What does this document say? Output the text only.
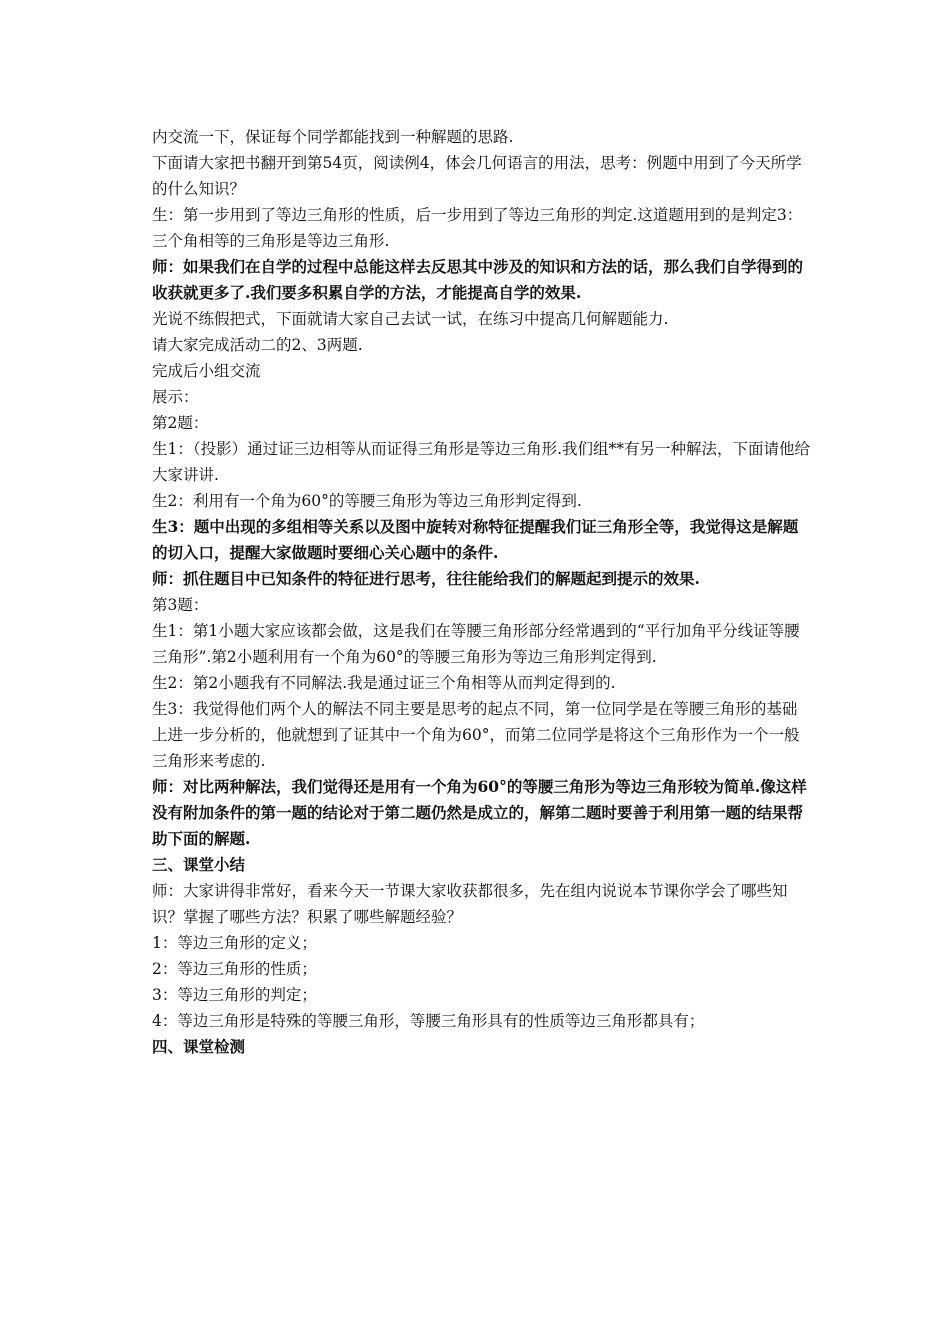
内交流一下，保证每个同学都能找到一种解题的思路.

下面请大家把书翻开到第54页，阅读例4，体会几何语言的用法，思考：例题中用到了今天所学的什么知识？

生：第一步用到了等边三角形的性质，后一步用到了等边三角形的判定.这道题用到的是判定3：三个角相等的三角形是等边三角形.

师：如果我们在自学的过程中总能这样去反思其中涉及的知识和方法的话，那么我们自学得到的收获就更多了.我们要多积累自学的方法，才能提高自学的效果.

光说不练假把式，下面就请大家自己去试一试，在练习中提高几何解题能力.

请大家完成活动二的2、3两题.

完成后小组交流

展示：

第2题：

生1：（投影）通过证三边相等从而证得三角形是等边三角形.我们组**有另一种解法，下面请他给大家讲讲.

生2：利用有一个角为60°的等腰三角形为等边三角形判定得到.

生3：题中出现的多组相等关系以及图中旋转对称特征提醒我们证三角形全等，我觉得这是解题的切入口，提醒大家做题时要细心关心题中的条件.

师：抓住题目中已知条件的特征进行思考，往往能给我们的解题起到提示的效果.

第3题：

生1：第1小题大家应该都会做，这是我们在等腰三角形部分经常遇到的“平行加角平分线证等腰三角形”.第2小题利用有一个角为60°的等腰三角形为等边三角形判定得到.

生2：第2小题我有不同解法.我是通过证三个角相等从而判定得到的.

生3：我觉得他们两个人的解法不同主要是思考的起点不同，第一位同学是在等腰三角形的基础上进一步分析的，他就想到了证其中一个角为60°，而第二位同学是将这个三角形作为一个一般三角形来考虑的.

师：对比两种解法，我们觉得还是用有一个角为60°的等腰三角形为等边三角形较为简单.像这样没有附加条件的第一题的结论对于第二题仍然是成立的，解第二题时要善于利用第一题的结果帮助下面的解题.

三、课堂小结

师：大家讲得非常好，看来今天一节课大家收获都很多，先在组内说说本节课你学会了哪些知识？掌握了哪些方法？积累了哪些解题经验？

1：等边三角形的定义；

2：等边三角形的性质；

3：等边三角形的判定；

4：等边三角形是特殊的等腰三角形，等腰三角形具有的性质等边三角形都具有；

四、课堂检测
